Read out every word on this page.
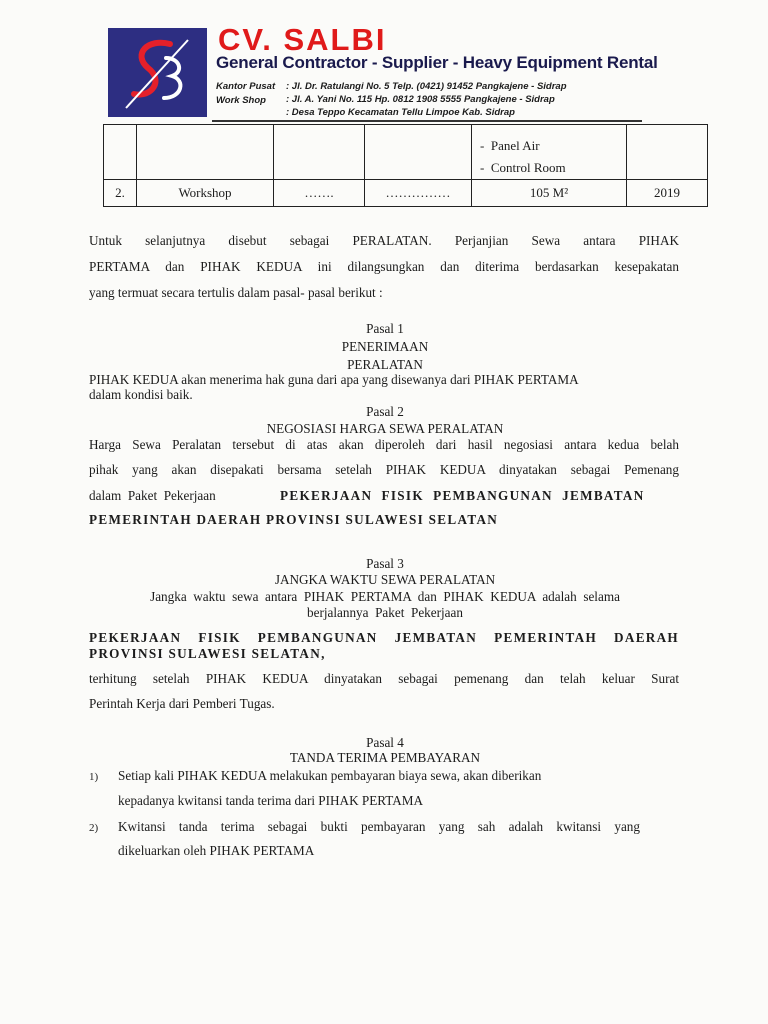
CV. SALBI
General Contractor - Supplier - Heavy Equipment Rental
Kantor Pusat : Jl. Dr. Ratulangi No. 5 Telp. (0421) 91452 Pangkajene - Sidrap
Work Shop : Jl. A. Yani No. 115 Hp. 0812 1908 5555 Pangkajene - Sidrap
: Desa Teppo Kecamatan Tellu Limpoe Kab. Sidrap

				-  Panel Air
-  Control Room	

2.	Workshop	…….	……………	105 M²	2019
Untuk selanjutnya disebut sebagai PERALATAN. Perjanjian Sewa antara PIHAK
PERTAMA dan PIHAK KEDUA ini dilangsungkan dan diterima berdasarkan kesepakatan
yang termuat secara tertulis dalam pasal- pasal berikut :
Pasal 1
PENERIMAAN
PERALATAN
PIHAK KEDUA akan menerima hak guna dari apa yang disewanya dari PIHAK PERTAMA
dalam kondisi baik.
Pasal 2
NEGOSIASI HARGA SEWA PERALATAN
Harga Sewa Peralatan tersebut di atas akan diperoleh dari hasil negosiasi antara kedua belah
pihak yang akan disepakati bersama setelah PIHAK KEDUA dinyatakan sebagai Pemenang
dalam  Paket  Pekerjaan	PEKERJAAN  FISIK  PEMBANGUNAN  JEMBATAN
PEMERINTAH DAERAH PROVINSI SULAWESI SELATAN
Pasal 3
JANGKA WAKTU SEWA PERALATAN
Jangka  waktu  sewa  antara  PIHAK  PERTAMA  dan  PIHAK  KEDUA  adalah  selama
berjalannya  Paket  Pekerjaan
PEKERJAAN FISIK PEMBANGUNAN JEMBATAN PEMERINTAH DAERAH
PROVINSI SULAWESI SELATAN,
terhitung setelah PIHAK KEDUA dinyatakan sebagai pemenang dan telah keluar Surat
Perintah Kerja dari Pemberi Tugas.
Pasal 4
TANDA TERIMA PEMBAYARAN
1) Setiap kali PIHAK KEDUA melakukan pembayaran biaya sewa, akan diberikan
kepadanya kwitansi tanda terima dari PIHAK PERTAMA
2) Kwitansi tanda terima sebagai bukti pembayaran yang sah adalah kwitansi yang
dikeluarkan oleh PIHAK PERTAMA
